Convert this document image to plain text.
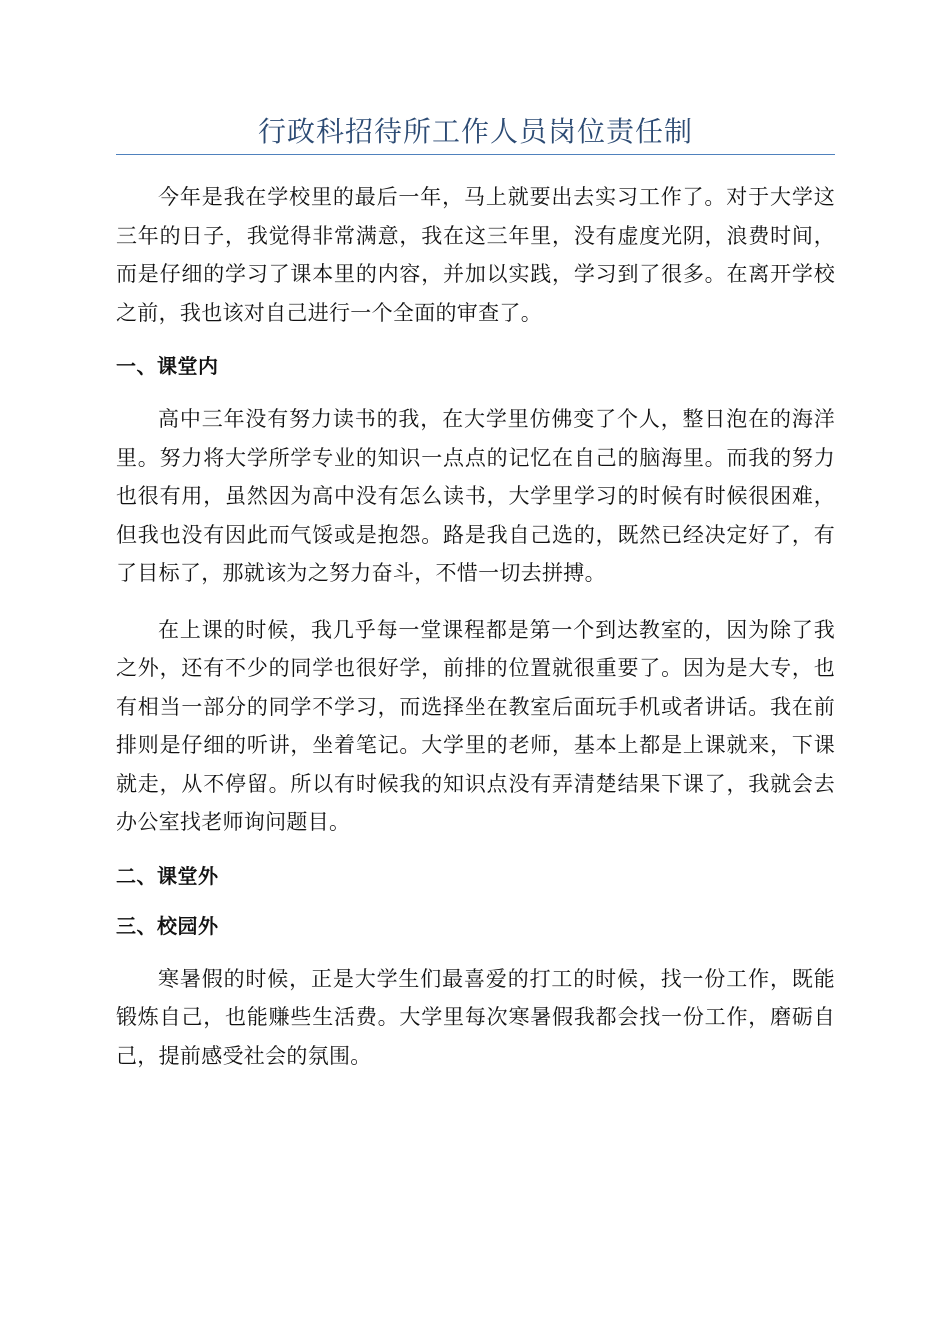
行政科招待所工作人员岗位责任制

今年是我在学校里的最后一年，马上就要出去实习工作了。对于大学这三年的日子，我觉得非常满意，我在这三年里，没有虚度光阴，浪费时间，而是仔细的学习了课本里的内容，并加以实践，学习到了很多。在离开学校之前，我也该对自己进行一个全面的审查了。

一、课堂内

高中三年没有努力读书的我，在大学里仿佛变了个人，整日泡在的海洋里。努力将大学所学专业的知识一点点的记忆在自己的脑海里。而我的努力也很有用，虽然因为高中没有怎么读书，大学里学习的时候有时候很困难，但我也没有因此而气馁或是抱怨。路是我自己选的，既然已经决定好了，有了目标了，那就该为之努力奋斗，不惜一切去拼搏。

在上课的时候，我几乎每一堂课程都是第一个到达教室的，因为除了我之外，还有不少的同学也很好学，前排的位置就很重要了。因为是大专，也有相当一部分的同学不学习，而选择坐在教室后面玩手机或者讲话。我在前排则是仔细的听讲，坐着笔记。大学里的老师，基本上都是上课就来，下课就走，从不停留。所以有时候我的知识点没有弄清楚结果下课了，我就会去办公室找老师询问题目。

二、课堂外
三、校园外

寒暑假的时候，正是大学生们最喜爱的打工的时候，找一份工作，既能锻炼自己，也能赚些生活费。大学里每次寒暑假我都会找一份工作，磨砺自己，提前感受社会的氛围。
